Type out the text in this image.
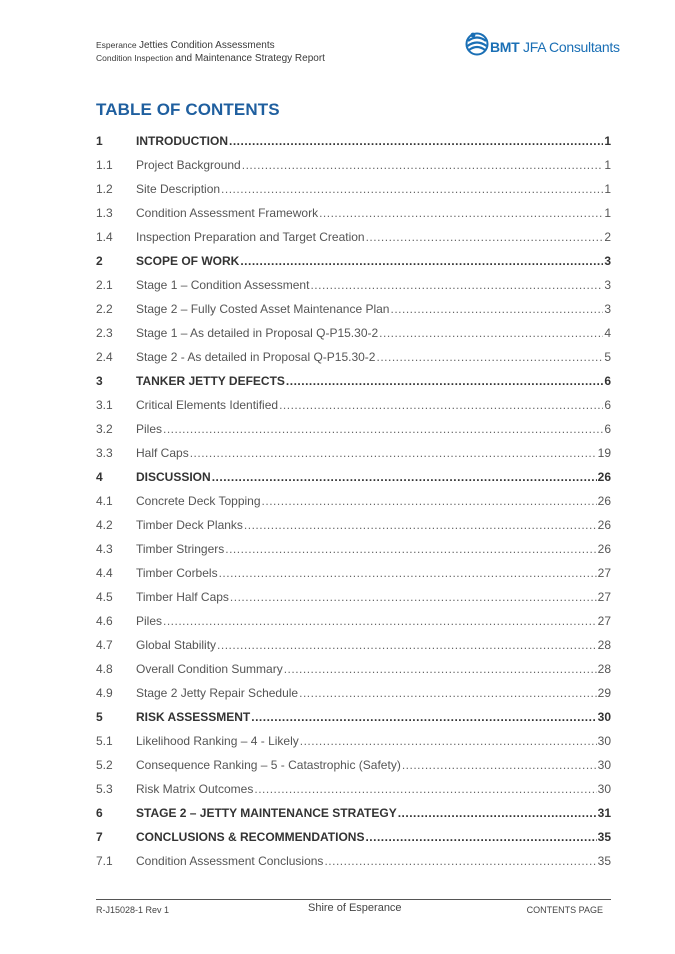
Esperance Jetties Condition Assessments
Condition Inspection and Maintenance Strategy Report
BMT JFA Consultants
TABLE OF CONTENTS
1	INTRODUCTION .....	1
1.1	Project Background .....	1
1.2	Site Description .....	1
1.3	Condition Assessment Framework .....	1
1.4	Inspection Preparation and Target Creation .....	2
2	SCOPE OF WORK .....	3
2.1	Stage 1 – Condition Assessment .....	3
2.2	Stage 2 – Fully Costed Asset Maintenance Plan .....	3
2.3	Stage 1 – As detailed in Proposal Q-P15.30-2 .....	4
2.4	Stage 2 - As detailed in Proposal Q-P15.30-2 .....	5
3	TANKER JETTY DEFECTS .....	6
3.1	Critical Elements Identified .....	6
3.2	Piles .....	6
3.3	Half Caps .....	19
4	DISCUSSION .....	26
4.1	Concrete Deck Topping .....	26
4.2	Timber Deck Planks .....	26
4.3	Timber Stringers .....	26
4.4	Timber Corbels .....	27
4.5	Timber Half Caps .....	27
4.6	Piles .....	27
4.7	Global Stability .....	28
4.8	Overall Condition Summary .....	28
4.9	Stage 2 Jetty Repair Schedule .....	29
5	RISK ASSESSMENT .....	30
5.1	Likelihood Ranking – 4 - Likely .....	30
5.2	Consequence Ranking – 5 - Catastrophic (Safety) .....	30
5.3	Risk Matrix Outcomes .....	30
6	STAGE 2 – JETTY MAINTENANCE STRATEGY .....	31
7	CONCLUSIONS & RECOMMENDATIONS .....	35
7.1	Condition Assessment Conclusions .....	35
R-J15028-1 Rev 1	Shire of Esperance	CONTENTS PAGE
